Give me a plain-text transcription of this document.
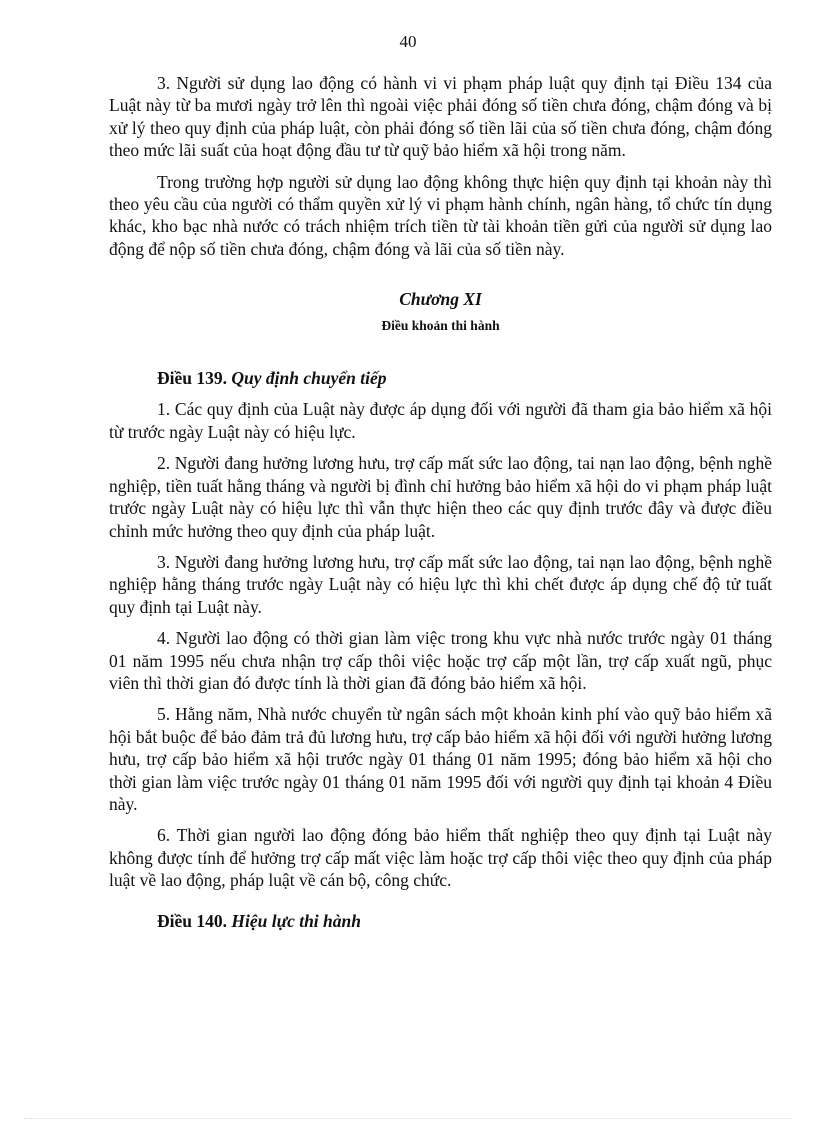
40

3. Người sử dụng lao động có hành vi vi phạm pháp luật quy định tại Điều 134 của Luật này từ ba mươi ngày trở lên thì ngoài việc phải đóng số tiền chưa đóng, chậm đóng và bị xử lý theo quy định của pháp luật, còn phải đóng số tiền lãi của số tiền chưa đóng, chậm đóng theo mức lãi suất của hoạt động đầu tư từ quỹ bảo hiểm xã hội trong năm.

Trong trường hợp người sử dụng lao động không thực hiện quy định tại khoản này thì theo yêu cầu của người có thẩm quyền xử lý vi phạm hành chính, ngân hàng, tổ chức tín dụng khác, kho bạc nhà nước có trách nhiệm trích tiền từ tài khoản tiền gửi của người sử dụng lao động để nộp số tiền chưa đóng, chậm đóng và lãi của số tiền này.

Chương XI
Điều khoản thi hành
Điều 139. Quy định chuyển tiếp

1. Các quy định của Luật này được áp dụng đối với người đã tham gia bảo hiểm xã hội từ trước ngày Luật này có hiệu lực.

2. Người đang hưởng lương hưu, trợ cấp mất sức lao động, tai nạn lao động, bệnh nghề nghiệp, tiền tuất hằng tháng và người bị đình chỉ hưởng bảo hiểm xã hội do vi phạm pháp luật trước ngày Luật này có hiệu lực thì vẫn thực hiện theo các quy định trước đây và được điều chỉnh mức hưởng theo quy định của pháp luật.

3. Người đang hưởng lương hưu, trợ cấp mất sức lao động, tai nạn lao động, bệnh nghề nghiệp hằng tháng trước ngày Luật này có hiệu lực thì khi chết được áp dụng chế độ tử tuất quy định tại Luật này.

4. Người lao động có thời gian làm việc trong khu vực nhà nước trước ngày 01 tháng 01 năm 1995 nếu chưa nhận trợ cấp thôi việc hoặc trợ cấp một lần, trợ cấp xuất ngũ, phục viên thì thời gian đó được tính là thời gian đã đóng bảo hiểm xã hội.

5. Hằng năm, Nhà nước chuyển từ ngân sách một khoản kinh phí vào quỹ bảo hiểm xã hội bắt buộc để bảo đảm trả đủ lương hưu, trợ cấp bảo hiểm xã hội đối với người hưởng lương hưu, trợ cấp bảo hiểm xã hội trước ngày 01 tháng 01 năm 1995; đóng bảo hiểm xã hội cho thời gian làm việc trước ngày 01 tháng 01 năm 1995 đối với người quy định tại khoản 4 Điều này.

6. Thời gian người lao động đóng bảo hiểm thất nghiệp theo quy định tại Luật này không được tính để hưởng trợ cấp mất việc làm hoặc trợ cấp thôi việc theo quy định của pháp luật về lao động, pháp luật về cán bộ, công chức.

Điều 140. Hiệu lực thi hành
